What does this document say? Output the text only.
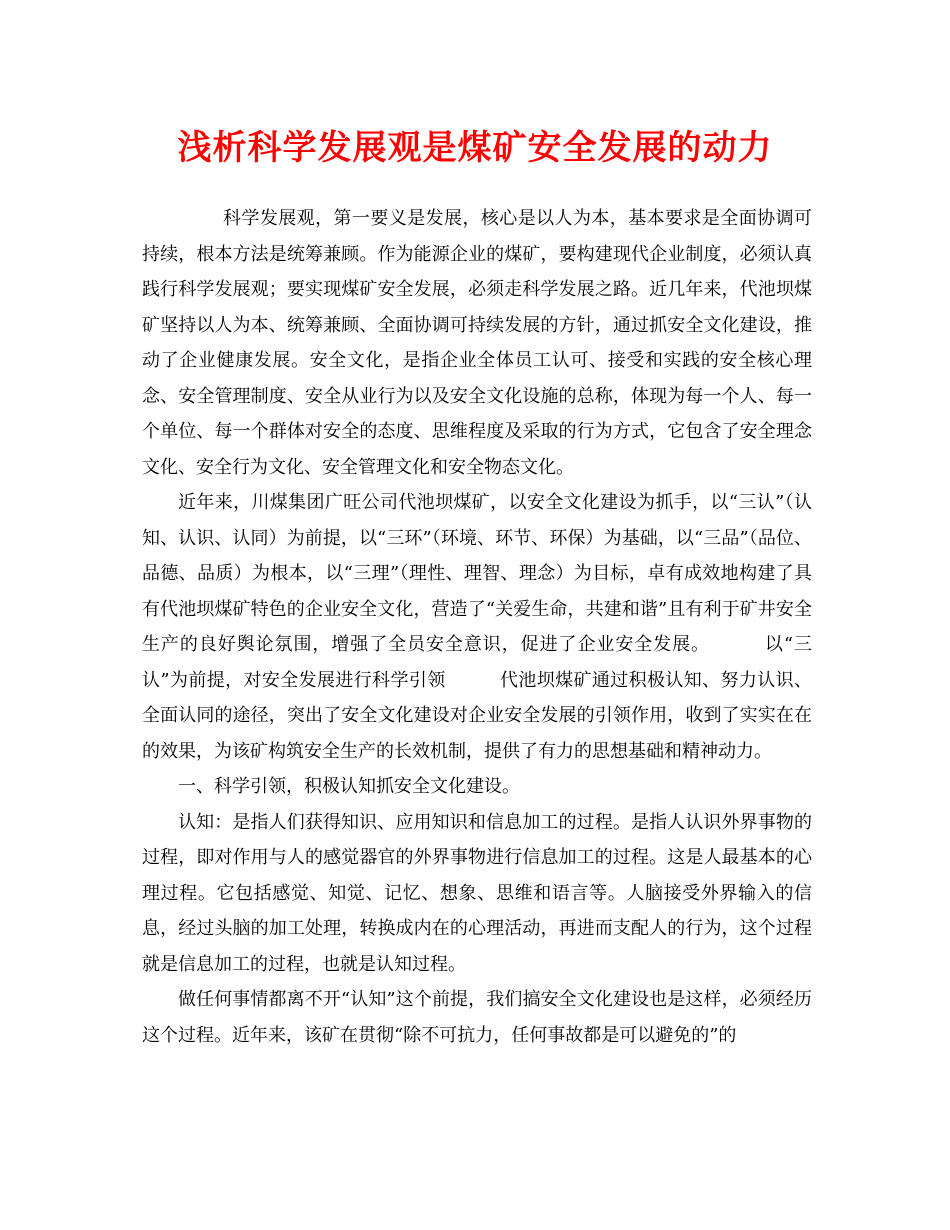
浅析科学发展观是煤矿安全发展的动力

科学发展观，第一要义是发展，核心是以人为本，基本要求是全面协调可持续，根本方法是统筹兼顾。作为能源企业的煤矿，要构建现代企业制度，必须认真践行科学发展观；要实现煤矿安全发展，必须走科学发展之路。近几年来，代池坝煤矿坚持以人为本、统筹兼顾、全面协调可持续发展的方针，通过抓安全文化建设，推动了企业健康发展。安全文化，是指企业全体员工认可、接受和实践的安全核心理念、安全管理制度、安全从业行为以及安全文化设施的总称，体现为每一个人、每一个单位、每一个群体对安全的态度、思维程度及采取的行为方式，它包含了安全理念文化、安全行为文化、安全管理文化和安全物态文化。

近年来，川煤集团广旺公司代池坝煤矿，以安全文化建设为抓手，以“三认”（认知、认识、认同）为前提，以“三环”（环境、环节、环保）为基础，以“三品”（品位、品德、品质）为根本，以“三理”（理性、理智、理念）为目标，卓有成效地构建了具有代池坝煤矿特色的企业安全文化，营造了“关爱生命，共建和谐”且有利于矿井安全生产的良好舆论氛围，增强了全员安全意识，促进了企业安全发展。	以“三认”为前提，对安全发展进行科学引领	代池坝煤矿通过积极认知、努力认识、全面认同的途径，突出了安全文化建设对企业安全发展的引领作用，收到了实实在在的效果，为该矿构筑安全生产的长效机制，提供了有力的思想基础和精神动力。

一、科学引领，积极认知抓安全文化建设。

认知：是指人们获得知识、应用知识和信息加工的过程。是指人认识外界事物的过程，即对作用与人的感觉器官的外界事物进行信息加工的过程。这是人最基本的心理过程。它包括感觉、知觉、记忆、想象、思维和语言等。人脑接受外界输入的信息，经过头脑的加工处理，转换成内在的心理活动，再进而支配人的行为，这个过程就是信息加工的过程，也就是认知过程。

做任何事情都离不开“认知”这个前提，我们搞安全文化建设也是这样，必须经历这个过程。近年来，该矿在贯彻“除不可抗力，任何事故都是可以避免的”的
